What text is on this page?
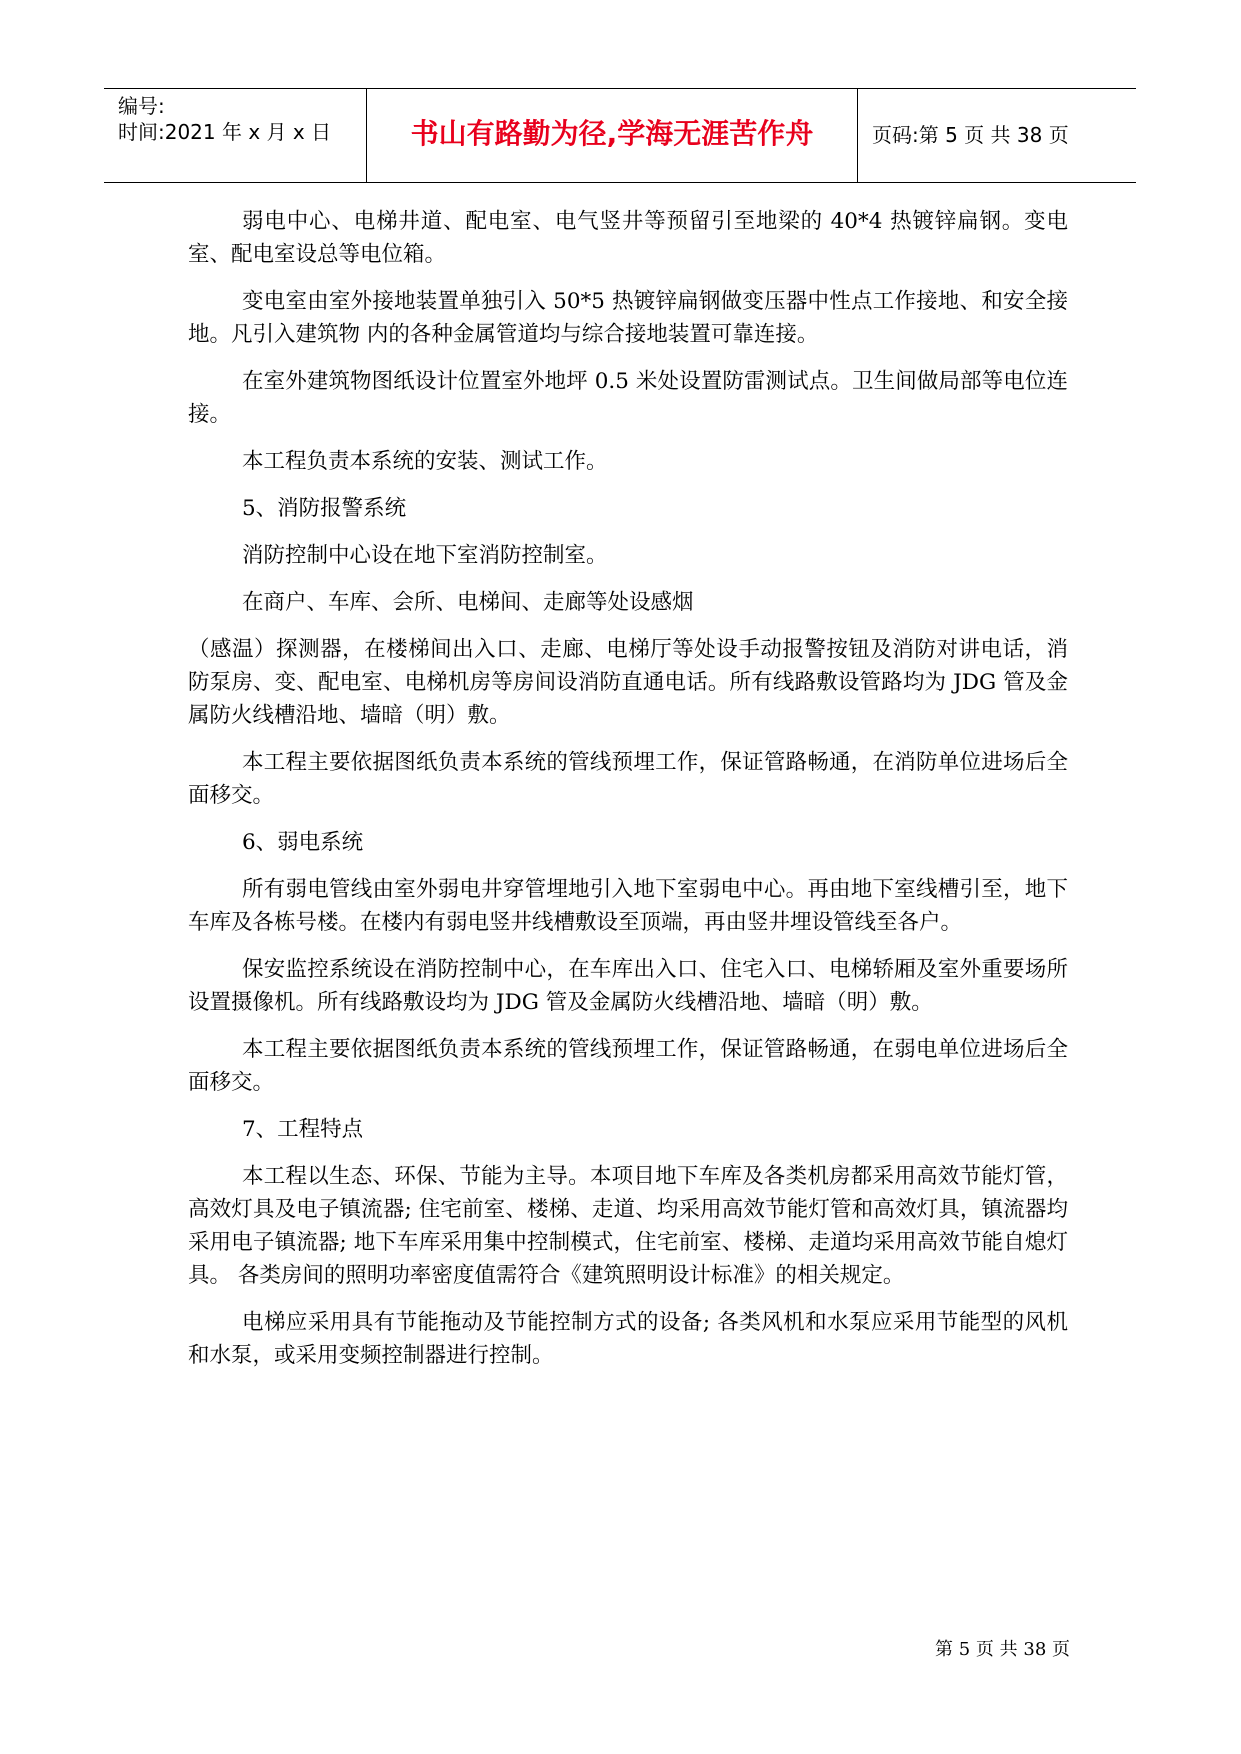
编号:
时间:2021 年 x 月 x 日	书山有路勤为径,学海无涯苦作舟	页码:第 5 页 共 38 页

弱电中心、电梯井道、配电室、电气竖井等预留引至地梁的 40*4 热镀锌扁钢。变电室、配电室设总等电位箱。

变电室由室外接地装置单独引入 50*5 热镀锌扁钢做变压器中性点工作接地、和安全接地。凡引入建筑物 内的各种金属管道均与综合接地装置可靠连接。

在室外建筑物图纸设计位置室外地坪 0.5 米处设置防雷测试点。卫生间做局部等电位连接。

本工程负责本系统的安装、测试工作。

5、消防报警系统

消防控制中心设在地下室消防控制室。

在商户、车库、会所、电梯间、走廊等处设感烟

（感温）探测器，在楼梯间出入口、走廊、电梯厅等处设手动报警按钮及消防对讲电话，消防泵房、变、配电室、电梯机房等房间设消防直通电话。所有线路敷设管路均为 JDG 管及金属防火线槽沿地、墙暗（明）敷。

本工程主要依据图纸负责本系统的管线预埋工作，保证管路畅通，在消防单位进场后全面移交。

6、弱电系统

所有弱电管线由室外弱电井穿管埋地引入地下室弱电中心。再由地下室线槽引至，地下车库及各栋号楼。在楼内有弱电竖井线槽敷设至顶端，再由竖井埋设管线至各户。

保安监控系统设在消防控制中心，在车库出入口、住宅入口、电梯轿厢及室外重要场所设置摄像机。所有线路敷设均为 JDG 管及金属防火线槽沿地、墙暗（明）敷。

本工程主要依据图纸负责本系统的管线预埋工作，保证管路畅通，在弱电单位进场后全面移交。

7、工程特点

本工程以生态、环保、节能为主导。本项目地下车库及各类机房都采用高效节能灯管，高效灯具及电子镇流器; 住宅前室、楼梯、走道、均采用高效节能灯管和高效灯具，镇流器均采用电子镇流器; 地下车库采用集中控制模式，住宅前室、楼梯、走道均采用高效节能自熄灯具。 各类房间的照明功率密度值需符合《建筑照明设计标准》的相关规定。

电梯应采用具有节能拖动及节能控制方式的设备; 各类风机和水泵应采用节能型的风机和水泵，或采用变频控制器进行控制。

第 5 页 共 38 页
